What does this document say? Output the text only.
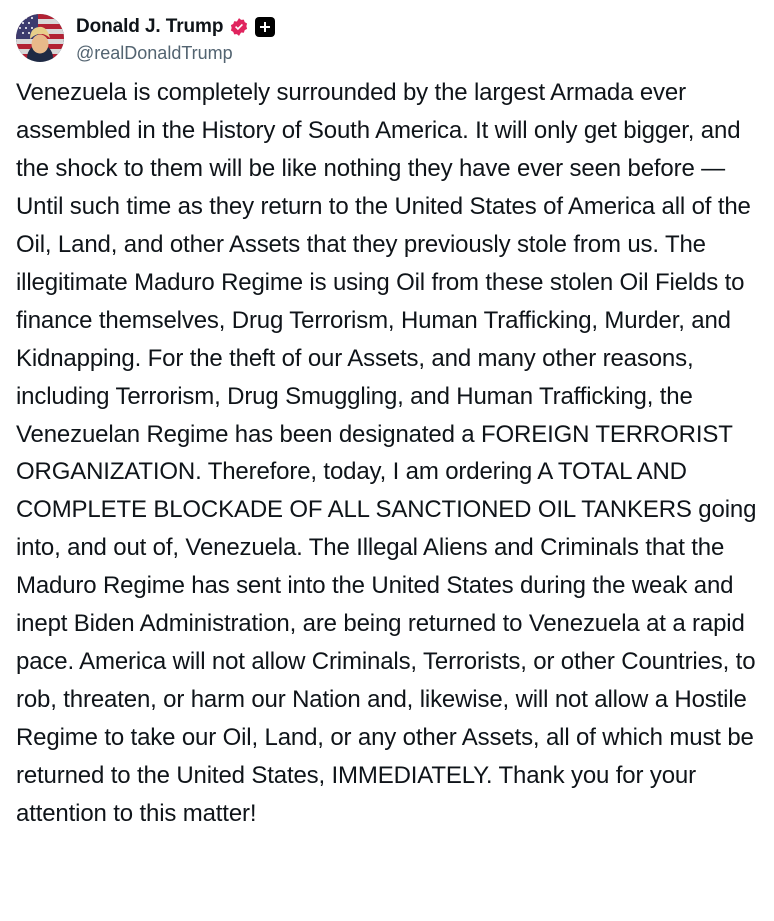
Donald J. Trump
@realDonaldTrump
Venezuela is completely surrounded by the largest Armada ever assembled in the History of South America. It will only get bigger, and the shock to them will be like nothing they have ever seen before — Until such time as they return to the United States of America all of the Oil, Land, and other Assets that they previously stole from us. The illegitimate Maduro Regime is using Oil from these stolen Oil Fields to finance themselves, Drug Terrorism, Human Trafficking, Murder, and Kidnapping. For the theft of our Assets, and many other reasons, including Terrorism, Drug Smuggling, and Human Trafficking, the Venezuelan Regime has been designated a FOREIGN TERRORIST ORGANIZATION. Therefore, today, I am ordering A TOTAL AND COMPLETE BLOCKADE OF ALL SANCTIONED OIL TANKERS going into, and out of, Venezuela. The Illegal Aliens and Criminals that the Maduro Regime has sent into the United States during the weak and inept Biden Administration, are being returned to Venezuela at a rapid pace. America will not allow Criminals, Terrorists, or other Countries, to rob, threaten, or harm our Nation and, likewise, will not allow a Hostile Regime to take our Oil, Land, or any other Assets, all of which must be returned to the United States, IMMEDIATELY. Thank you for your attention to this matter!
